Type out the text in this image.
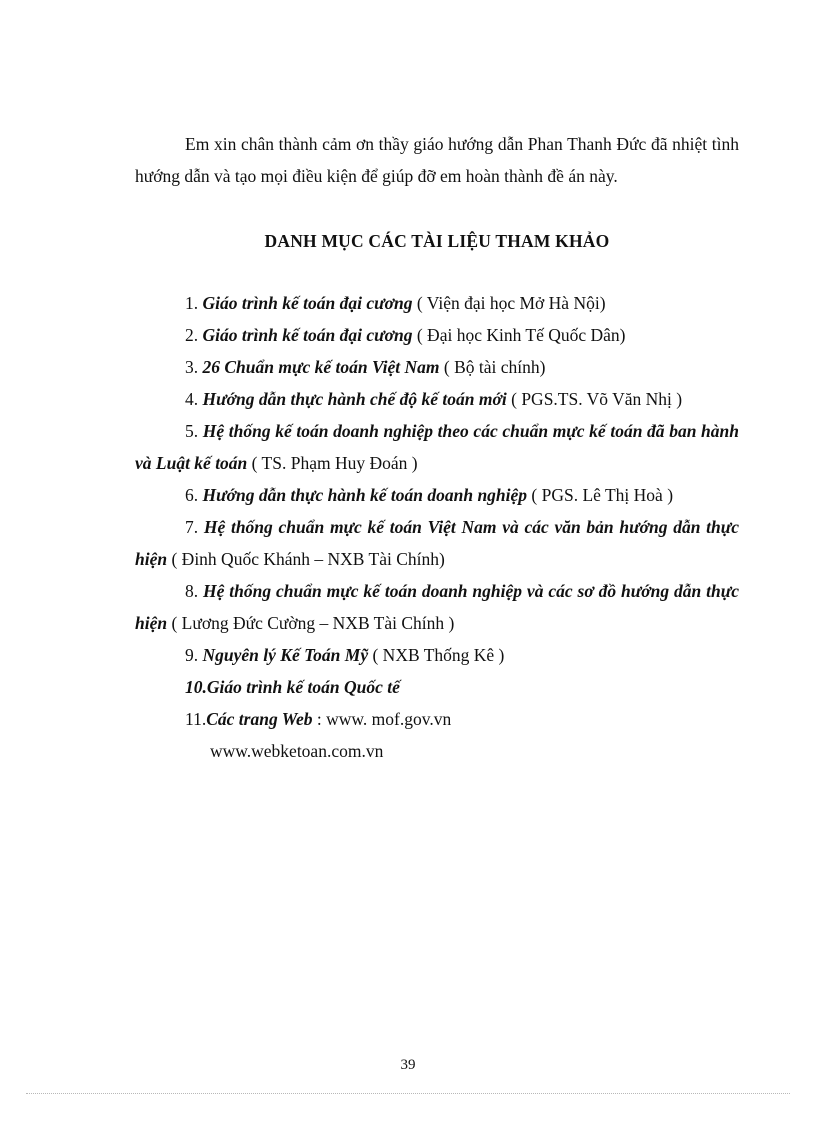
Em xin chân thành cảm ơn thầy giáo hướng dẫn Phan Thanh Đức đã nhiệt tình hướng dẫn và tạo mọi điều kiện để giúp đỡ em hoàn thành đề án này.

DANH MỤC CÁC TÀI LIỆU THAM KHẢO

1. Giáo trình kế toán đại cương ( Viện đại học Mở Hà Nội)

2. Giáo trình kế toán đại cương ( Đại học Kinh Tế Quốc Dân)

3. 26 Chuẩn mực kế toán Việt Nam ( Bộ tài chính)

4. Hướng dẫn thực hành chế độ kế toán mới ( PGS.TS. Võ Văn Nhị )

5. Hệ thống kế toán doanh nghiệp theo các chuẩn mực kế toán đã ban hành và Luật kế toán ( TS. Phạm Huy Đoán )

6. Hướng dẫn thực hành kế toán doanh nghiệp ( PGS. Lê Thị Hoà )

7. Hệ thống chuẩn mực kế toán Việt Nam và các văn bản hướng dẫn thực hiện ( Đinh Quốc Khánh – NXB Tài Chính)

8. Hệ thống chuẩn mực kế toán doanh nghiệp và các sơ đồ hướng dẫn thực hiện ( Lương Đức Cường – NXB Tài Chính )

9. Nguyên lý Kế Toán Mỹ ( NXB Thống Kê )

10.Giáo trình kế toán Quốc tế

11.Các trang Web : www. mof.gov.vn

www.webketoan.com.vn

39
